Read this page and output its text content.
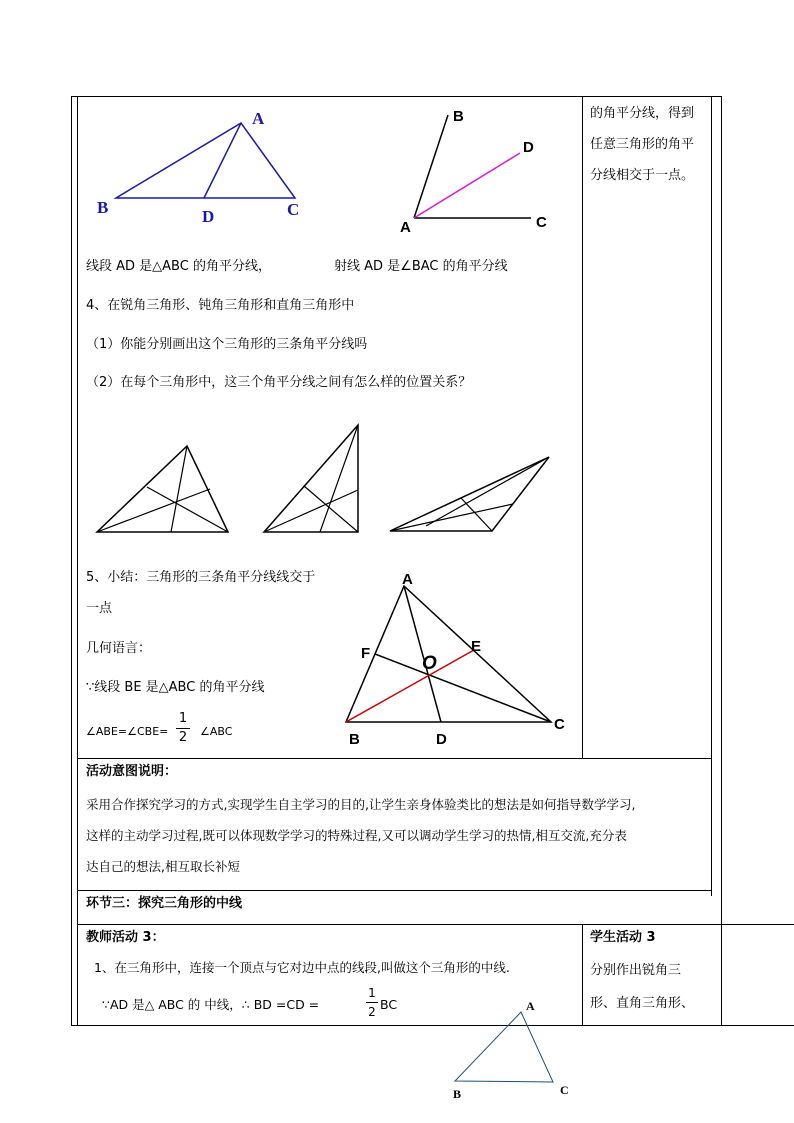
A
B	D	C
B
D
A	C
线段 AD 是△ABC 的角平分线，	射线 AD 是∠BAC 的角平分线
4、在锐角三角形、钝角三角形和直角三角形中
（1）你能分别画出这个三角形的三条角平分线吗
（2）在每个三角形中，这三个角平分线之间有怎么样的位置关系？
5、小结：三角形的三条角平分线线交于
一点
几何语言：
∵线段 BE 是△ABC 的角平分线
∠ABE=∠CBE=
1
2 ∠ABC
A
F	O
E
B	D
C
的角平分线，得到
任意三角形的角平
分线相交于一点。
活动意图说明：
采用合作探究学习的方式,实现学生自主学习的目的,让学生亲身体验类比的想法是如何指导数学学习,
这样的主动学习过程,既可以体现数学学习的特殊过程,又可以调动学生学习的热情,相互交流,充分表
达自己的想法,相互取长补短
环节三：探究三角形的中线
教师活动 3：
1、在三角形中，连接一个顶点与它对边中点的线段,叫做这个三角形的中线.
∵AD 是△ ABC 的 中线，∴ BD =CD =
1
2 BC
学生活动 3
分别作出锐角三
形、直角三角形、
A
B	C
